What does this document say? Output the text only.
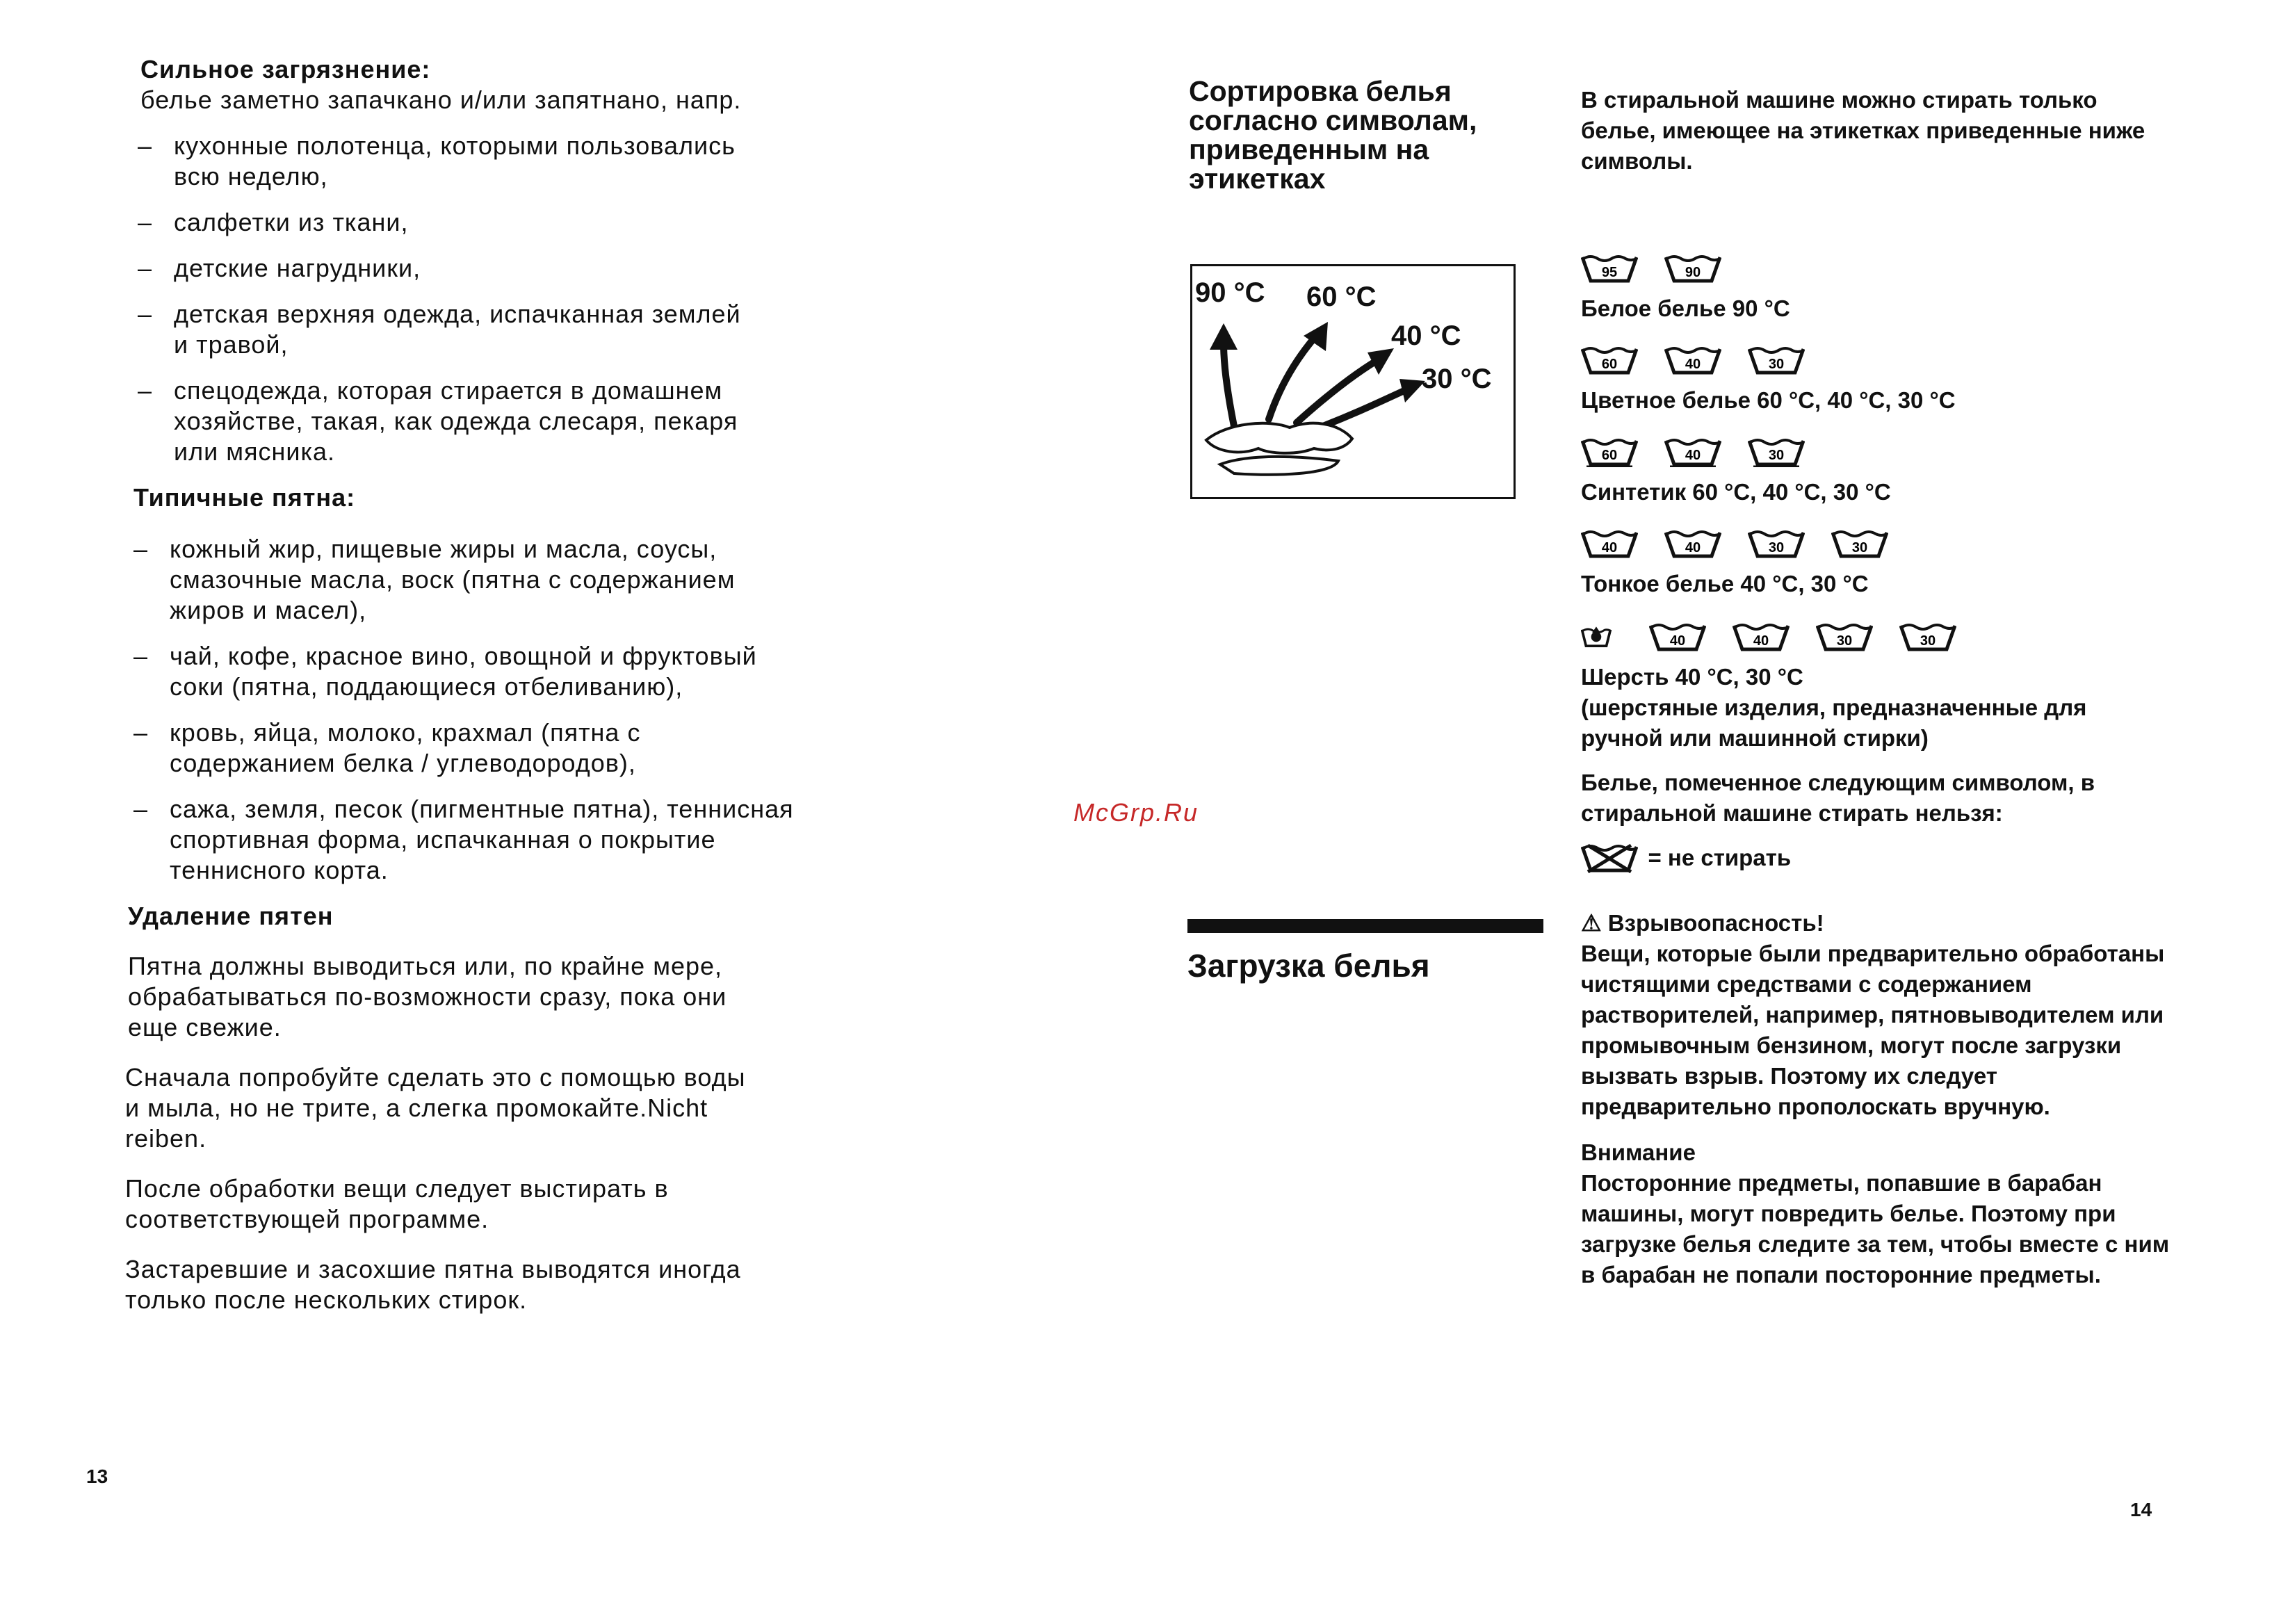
Сильное загрязнение:

белье заметно запачкано и/или запятнано, напр.

– кухонные полотенца, которыми пользовались всю неделю,

– салфетки из ткани,

– детские нагрудники,

– детская верхняя одежда, испачканная землей и травой,

– спецодежда, которая стирается в домашнем хозяйстве, такая, как одежда слесаря, пекаря или мясника.

Типичные пятна:

– кожный жир, пищевые жиры и масла, соусы, смазочные масла, воск (пятна с содержанием жиров и масел),

– чай, кофе, красное вино, овощной и фруктовый соки (пятна, поддающиеся отбеливанию),

– кровь, яйца, молоко, крахмал (пятна с содержанием белка / углеводородов),

– сажа, земля, песок (пигментные пятна), теннисная спортивная форма, испачканная о покрытие теннисного корта.

Удаление пятен

Пятна должны выводиться или, по крайне мере, обрабатываться по-возможности сразу, пока они еще свежие.

Сначала попробуйте сделать это с помощью воды и мыла, но не трите, а слегка промокайте.Nicht reiben.

После обработки вещи следует выстирать в соответствующей программе.

Застаревшие и засохшие пятна выводятся иногда только после нескольких стирок.

13
McGrp.Ru

Сортировка белья согласно символам, приведенным на этикетках

90 °C 60 °C
40 °C
30 °C

В стиральной машине можно стирать только белье, имеющее на этикетках приведенные ниже символы.

95	90

Белое белье 90 °C

60	40	30

Цветное белье 60 °C, 40 °C, 30 °C

60	40	30

Синтетик 60 °C, 40 °C, 30 °C

40	40	30	30

Тонкое белье 40 °C, 30 °C

40	40	30	30

Шерсть 40 °C, 30 °C

(шерстяные изделия, предназначенные для ручной или машинной стирки)

Белье, помеченное следующим символом, в стиральной машине стирать нельзя:

= не стирать

Загрузка белья

⚠ Взрывоопасность!

Вещи, которые были предварительно обработаны чистящими средствами с содержанием растворителей, например, пятновыводителем или промывочным бензином, могут после загрузки вызвать взрыв. Поэтому их следует предварительно прополоскать вручную.

Внимание

Посторонние предметы, попавшие в барабан машины, могут повредить белье. Поэтому при загрузке белья следите за тем, чтобы вместе с ним в барабан не попали посторонние предметы.

14
